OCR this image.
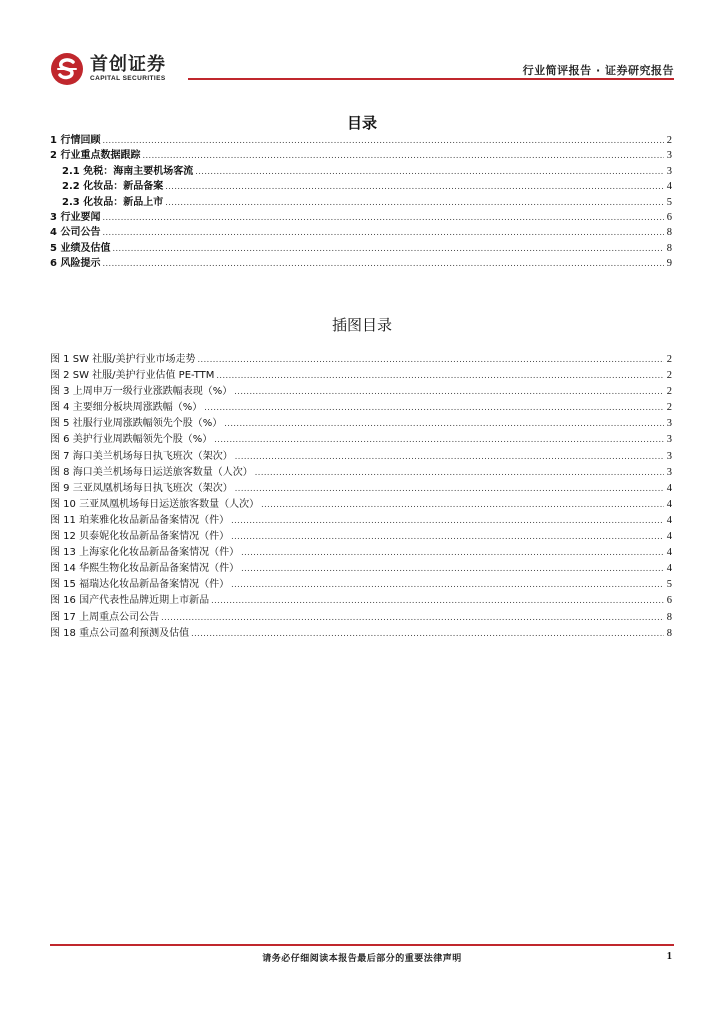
首创证券
CAPITAL SECURITIES
行业简评报告 · 证券研究报告
目录
1 行情回顾 .....	2
2 行业重点数据跟踪 .....	3
2.1 免税：海南主要机场客流 .....	3
2.2 化妆品：新品备案 .....	4
2.3 化妆品：新品上市 .....	5
3 行业要闻 .....	6
4 公司公告 .....	8
5 业绩及估值 .....	8
6 风险提示 .....	9
插图目录
图 1 SW 社服/美护行业市场走势 .....	2
图 2 SW 社服/美护行业估值 PE-TTM .....	2
图 3 上周申万一级行业涨跌幅表现（%） .....	2
图 4 主要细分板块周涨跌幅（%） .....	2
图 5 社服行业周涨跌幅领先个股（%） .....	3
图 6 美护行业周跌幅领先个股（%） .....	3
图 7 海口美兰机场每日执飞班次（架次） .....	3
图 8 海口美兰机场每日运送旅客数量（人次） .....	3
图 9 三亚凤凰机场每日执飞班次（架次） .....	4
图 10 三亚凤凰机场每日运送旅客数量（人次） .....	4
图 11 珀莱雅化妆品新品备案情况（件） .....	4
图 12 贝泰妮化妆品新品备案情况（件） .....	4
图 13 上海家化化妆品新品备案情况（件） .....	4
图 14 华熙生物化妆品新品备案情况（件） .....	4
图 15 福瑞达化妆品新品备案情况（件） .....	5
图 16 国产代表性品牌近期上市新品 .....	6
图 17 上周重点公司公告 .....	8
图 18 重点公司盈利预测及估值 .....	8
请务必仔细阅读本报告最后部分的重要法律声明	1
